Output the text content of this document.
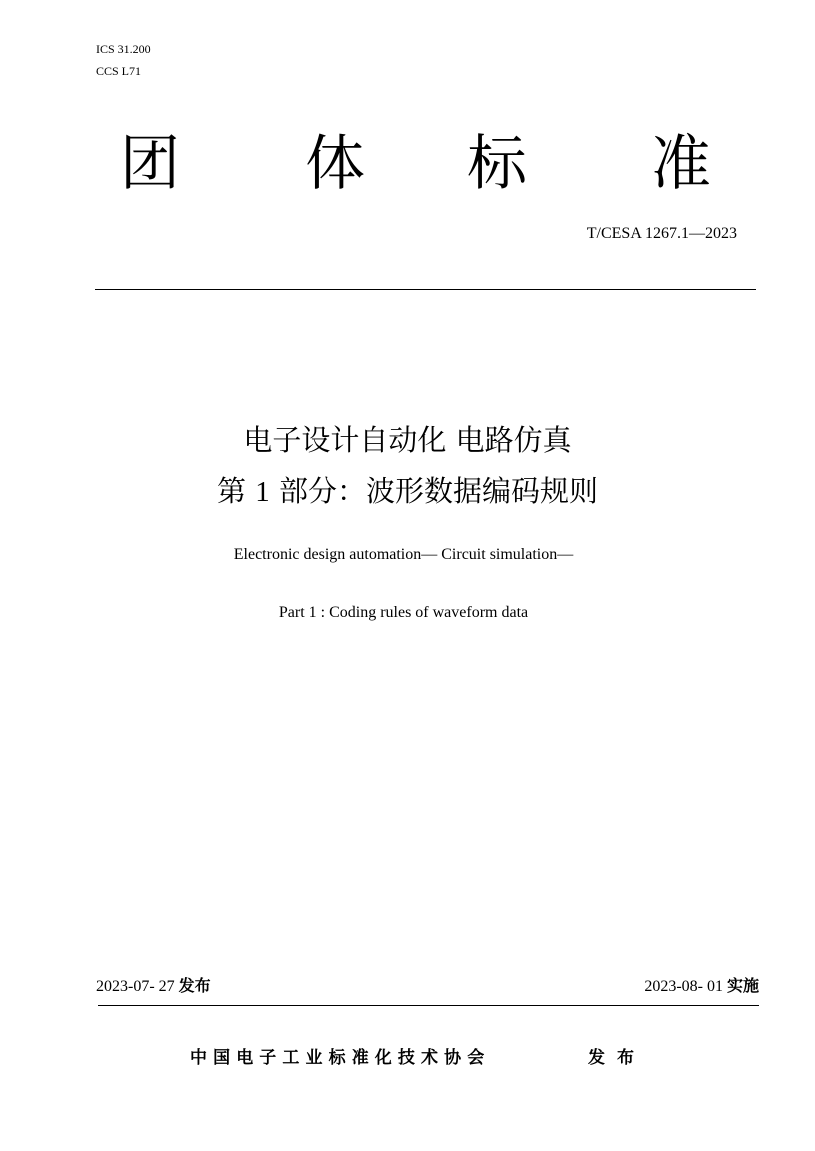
ICS 31.200
CCS L71
团 体 标 准
T/CESA 1267.1—2023
电子设计自动化 电路仿真
第 1 部分：波形数据编码规则
Electronic design automation— Circuit simulation—
Part 1 : Coding rules of waveform data
2023-07- 27 发布	2023-08- 01 实施
中国电子工业标准化技术协会	发布
